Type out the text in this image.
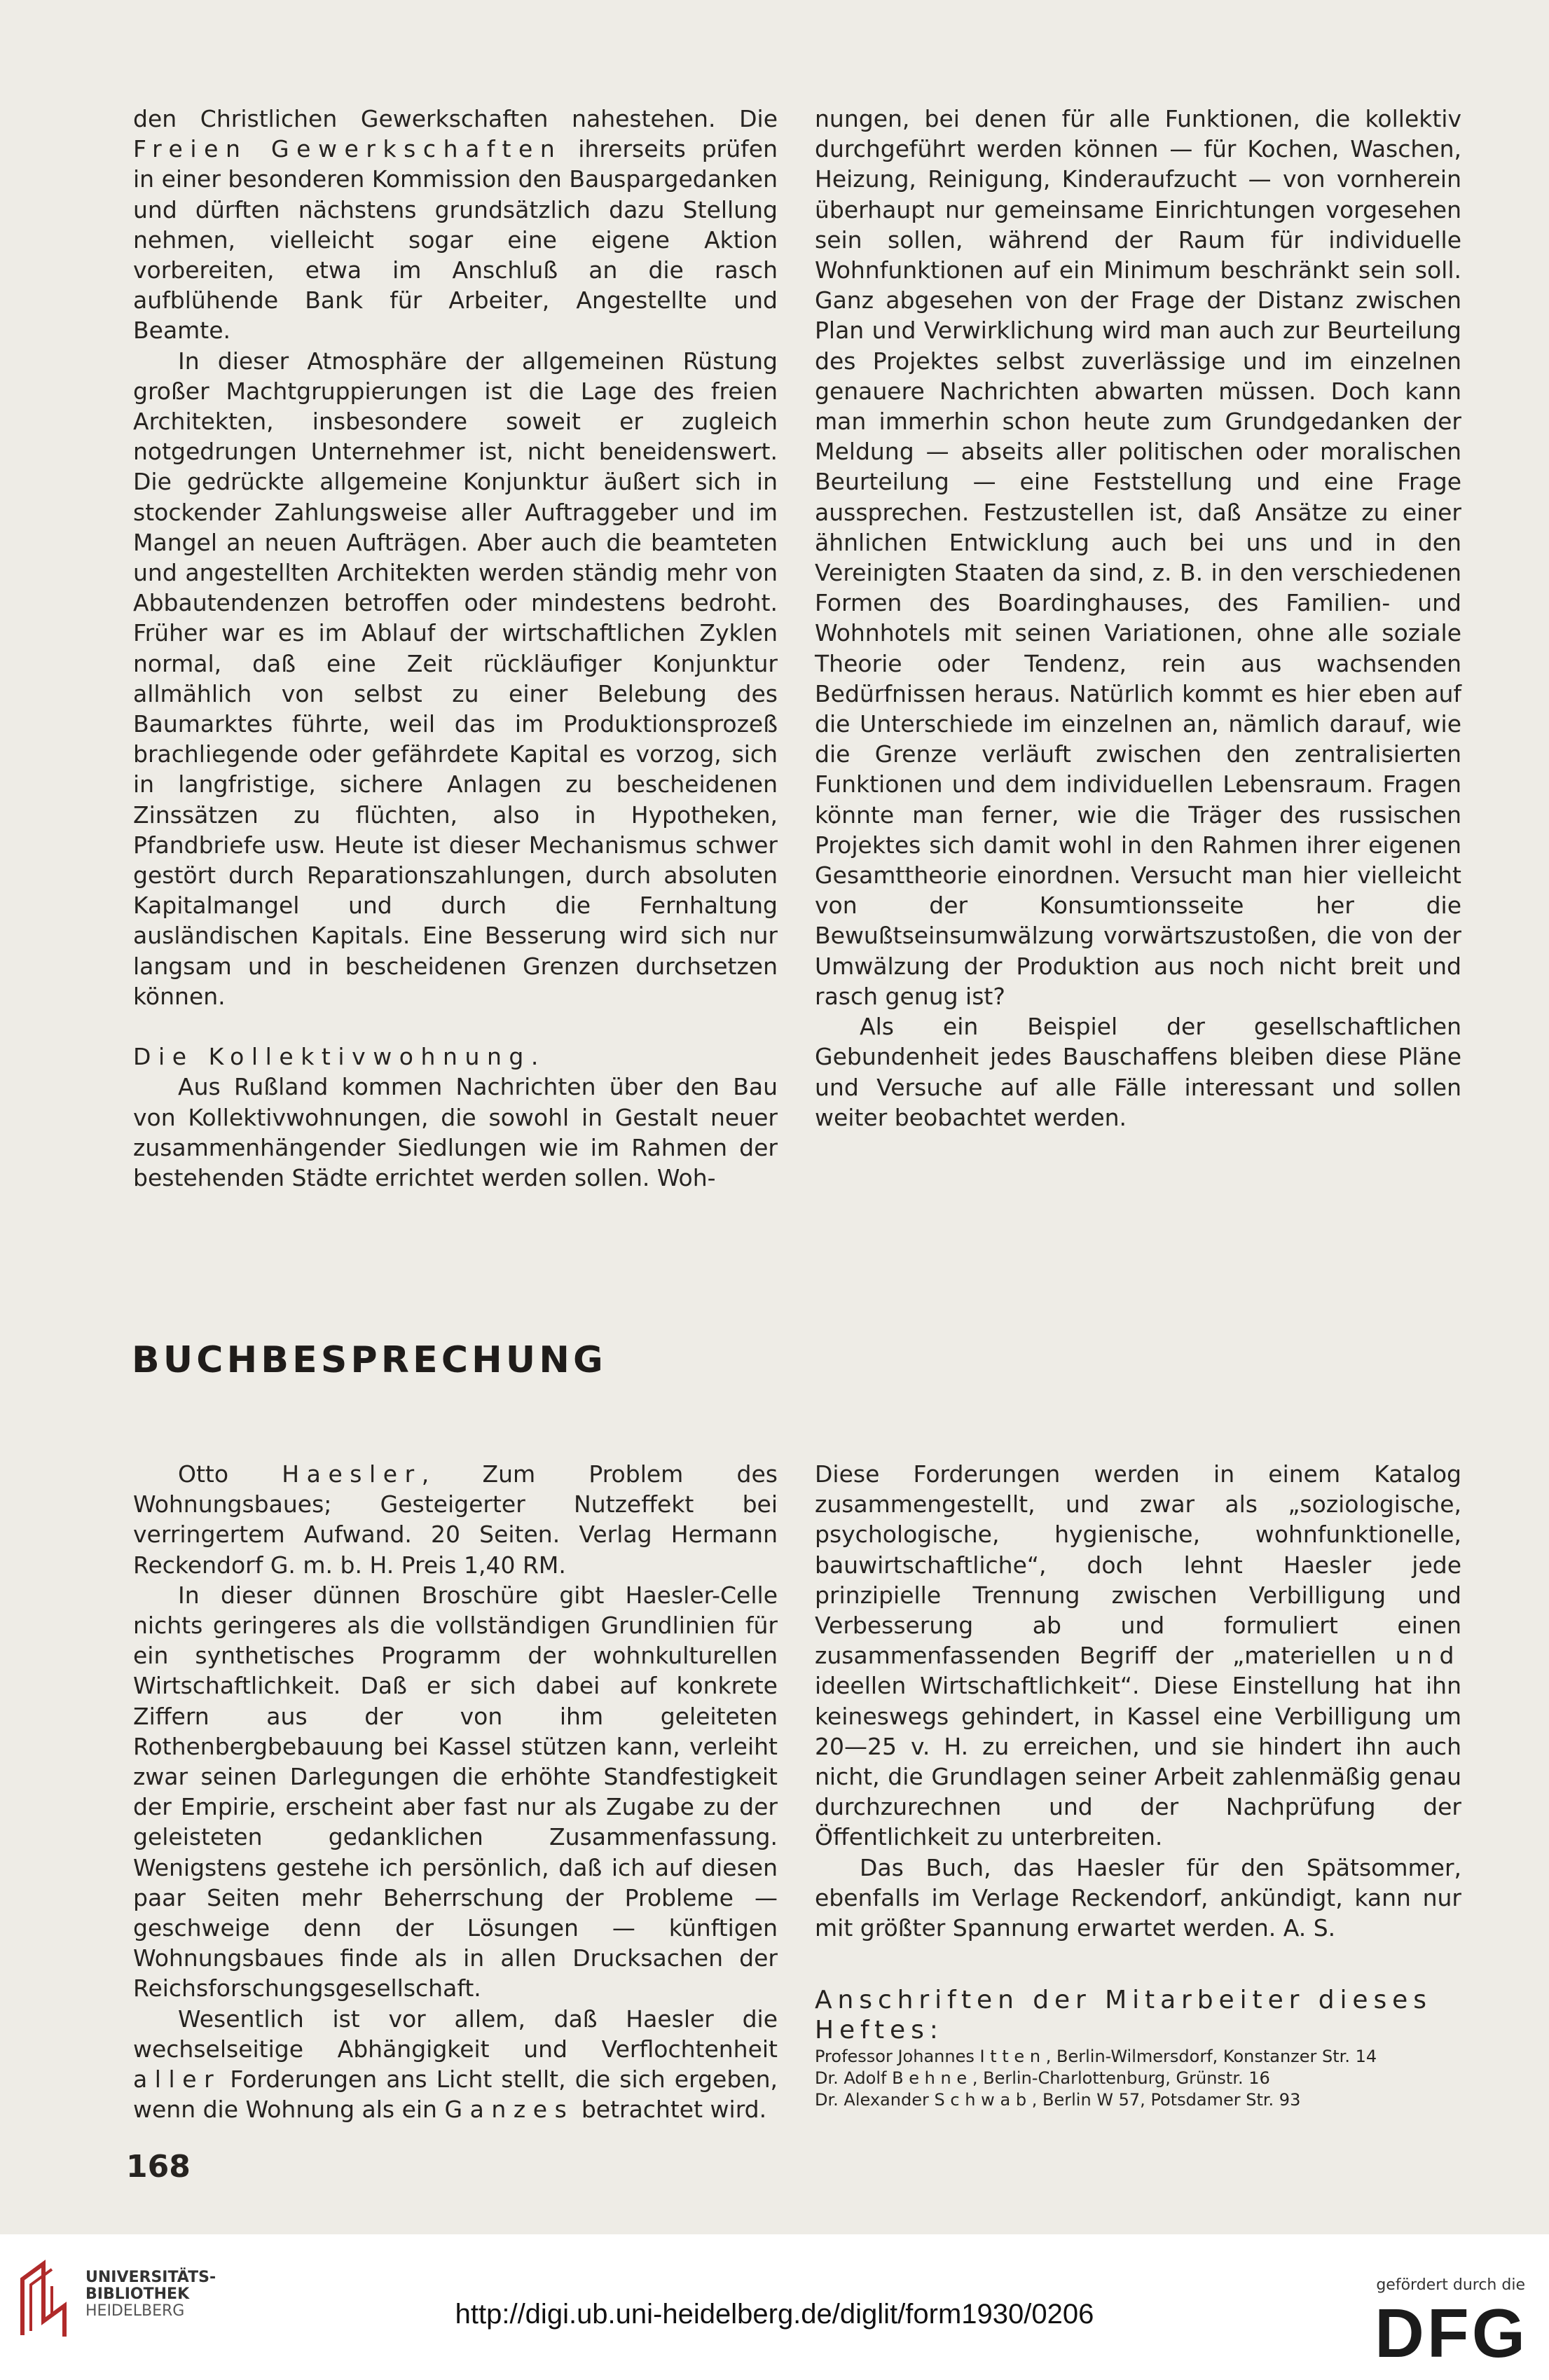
den Christlichen Gewerkschaften nahestehen. Die Freien Gewerkschaften ihrerseits prüfen in einer besonderen Kommission den Bauspargedanken und dürften nächstens grundsätzlich dazu Stellung nehmen, vielleicht sogar eine eigene Aktion vorbereiten, etwa im Anschluß an die rasch aufblühende Bank für Arbeiter, Angestellte und Beamte.

In dieser Atmosphäre der allgemeinen Rüstung großer Machtgruppierungen ist die Lage des freien Architekten, insbesondere soweit er zugleich notgedrungen Unternehmer ist, nicht beneidenswert. Die gedrückte allgemeine Konjunktur äußert sich in stockender Zahlungsweise aller Auftraggeber und im Mangel an neuen Aufträgen. Aber auch die beamteten und angestellten Architekten werden ständig mehr von Abbautendenzen betroffen oder mindestens bedroht. Früher war es im Ablauf der wirtschaftlichen Zyklen normal, daß eine Zeit rückläufiger Konjunktur allmählich von selbst zu einer Belebung des Baumarktes führte, weil das im Produktionsprozeß brachliegende oder gefährdete Kapital es vorzog, sich in langfristige, sichere Anlagen zu bescheidenen Zinssätzen zu flüchten, also in Hypotheken, Pfandbriefe usw. Heute ist dieser Mechanismus schwer gestört durch Reparationszahlungen, durch absoluten Kapitalmangel und durch die Fernhaltung ausländischen Kapitals. Eine Besserung wird sich nur langsam und in bescheidenen Grenzen durchsetzen können.

Die Kollektivwohnung.

Aus Rußland kommen Nachrichten über den Bau von Kollektivwohnungen, die sowohl in Gestalt neuer zusammenhängender Siedlungen wie im Rahmen der bestehenden Städte errichtet werden sollen. Woh-

nungen, bei denen für alle Funktionen, die kollektiv durchgeführt werden können — für Kochen, Waschen, Heizung, Reinigung, Kinderaufzucht — von vornherein überhaupt nur gemeinsame Einrichtungen vorgesehen sein sollen, während der Raum für individuelle Wohnfunktionen auf ein Minimum beschränkt sein soll. Ganz abgesehen von der Frage der Distanz zwischen Plan und Verwirklichung wird man auch zur Beurteilung des Projektes selbst zuverlässige und im einzelnen genauere Nachrichten abwarten müssen. Doch kann man immerhin schon heute zum Grundgedanken der Meldung — abseits aller politischen oder moralischen Beurteilung — eine Feststellung und eine Frage aussprechen. Festzustellen ist, daß Ansätze zu einer ähnlichen Entwicklung auch bei uns und in den Vereinigten Staaten da sind, z. B. in den verschiedenen Formen des Boardinghauses, des Familien- und Wohnhotels mit seinen Variationen, ohne alle soziale Theorie oder Tendenz, rein aus wachsenden Bedürfnissen heraus. Natürlich kommt es hier eben auf die Unterschiede im einzelnen an, nämlich darauf, wie die Grenze verläuft zwischen den zentralisierten Funktionen und dem individuellen Lebensraum. Fragen könnte man ferner, wie die Träger des russischen Projektes sich damit wohl in den Rahmen ihrer eigenen Gesamttheorie einordnen. Versucht man hier vielleicht von der Konsumtionsseite her die Bewußtseinsumwälzung vorwärtszustoßen, die von der Umwälzung der Produktion aus noch nicht breit und rasch genug ist?

Als ein Beispiel der gesellschaftlichen Gebundenheit jedes Bauschaffens bleiben diese Pläne und Versuche auf alle Fälle interessant und sollen weiter beobachtet werden.

BUCHBESPRECHUNG

Otto Haesler, Zum Problem des Wohnungsbaues; Gesteigerter Nutzeffekt bei verringertem Aufwand. 20 Seiten. Verlag Hermann Reckendorf G. m. b. H. Preis 1,40 RM.

In dieser dünnen Broschüre gibt Haesler-Celle nichts geringeres als die vollständigen Grundlinien für ein synthetisches Programm der wohnkulturellen Wirtschaftlichkeit. Daß er sich dabei auf konkrete Ziffern aus der von ihm geleiteten Rothenbergbebauung bei Kassel stützen kann, verleiht zwar seinen Darlegungen die erhöhte Standfestigkeit der Empirie, erscheint aber fast nur als Zugabe zu der geleisteten gedanklichen Zusammenfassung. Wenigstens gestehe ich persönlich, daß ich auf diesen paar Seiten mehr Beherrschung der Probleme — geschweige denn der Lösungen — künftigen Wohnungsbaues finde als in allen Drucksachen der Reichsforschungsgesellschaft.

Wesentlich ist vor allem, daß Haesler die wechselseitige Abhängigkeit und Verflochtenheit aller Forderungen ans Licht stellt, die sich ergeben, wenn die Wohnung als ein Ganzes betrachtet wird.

Diese Forderungen werden in einem Katalog zusammengestellt, und zwar als „soziologische, psychologische, hygienische, wohnfunktionelle, bauwirtschaftliche“, doch lehnt Haesler jede prinzipielle Trennung zwischen Verbilligung und Verbesserung ab und formuliert einen zusammenfassenden Begriff der „materiellen und ideellen Wirtschaftlichkeit“. Diese Einstellung hat ihn keineswegs gehindert, in Kassel eine Verbilligung um 20—25 v. H. zu erreichen, und sie hindert ihn auch nicht, die Grundlagen seiner Arbeit zahlenmäßig genau durchzurechnen und der Nachprüfung der Öffentlichkeit zu unterbreiten.

Das Buch, das Haesler für den Spätsommer, ebenfalls im Verlage Reckendorf, ankündigt, kann nur mit größter Spannung erwartet werden. A. S.

Anschriften der Mitarbeiter dieses Heftes:

Professor Johannes Itten, Berlin-Wilmersdorf, Konstanzer Str. 14

Dr. Adolf Behne, Berlin-Charlottenburg, Grünstr. 16

Dr. Alexander Schwab, Berlin W 57, Potsdamer Str. 93

168

UNIVERSITÄTS-
BIBLIOTHEK
HEIDELBERG	http://digi.ub.uni-heidelberg.de/diglit/form1930/0206
gefördert durch die
DFG
